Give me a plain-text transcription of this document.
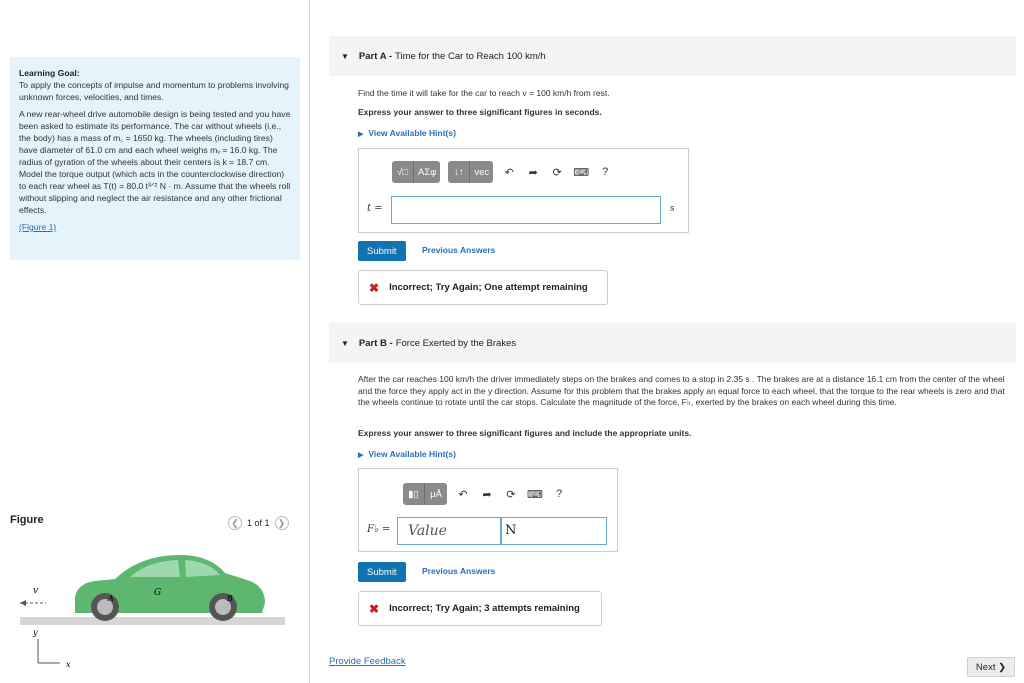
Learning Goal:
To apply the concepts of impulse and momentum to problems involving unknown forces, velocities, and times.

A new rear-wheel drive automobile design is being tested and you have been asked to estimate its performance. The car without wheels (i.e., the body) has a mass of m꜀ = 1650 kg. The wheels (including tires) have diameter of 61.0 cm and each wheel weighs mᵥ = 16.0 kg. The radius of gyration of the wheels about their centers is k = 18.7 cm. Model the torque output (which acts in the counterclockwise direction) to each rear wheel as T(t) = 80.0 t³ᐟ² N · m. Assume that the wheels roll without slipping and neglect the air resistance and any other frictional effects.

(Figure 1)
Figure	❮ 1 of 1 ❯
v	G
A	B
y
x
▼ Part A - Time for the Car to Reach 100 km/h
Find the time it will take for the car to reach v = 100 km/h from rest.
Express your answer to three significant figures in seconds.
▶ View Available Hint(s)
√□	ΑΣφ	↓↑	vec	↶	➦	⟳	⌨	?
t =	s
Submit	Previous Answers
✖ Incorrect; Try Again; One attempt remaining
▼ Part B - Force Exerted by the Brakes
After the car reaches 100 km/h the driver immediately steps on the brakes and comes to a stop in 2.35 s . The brakes are at a distance 16.1 cm from the center of the wheel and the force they apply act in the y direction. Assume for this problem that the brakes apply an equal force to each wheel, that the torque to the rear wheels is zero and that the wheels continue to rotate until the car stops. Calculate the magnitude of the force, F♭, exerted by the brakes on each wheel during this time.
Express your answer to three significant figures and include the appropriate units.
▶ View Available Hint(s)
▮▯	μÅ	↶	➦	⟳	⌨	?
F♭ =	Value	N
Submit	Previous Answers
✖ Incorrect; Try Again; 3 attempts remaining
Provide Feedback	Next ❯
